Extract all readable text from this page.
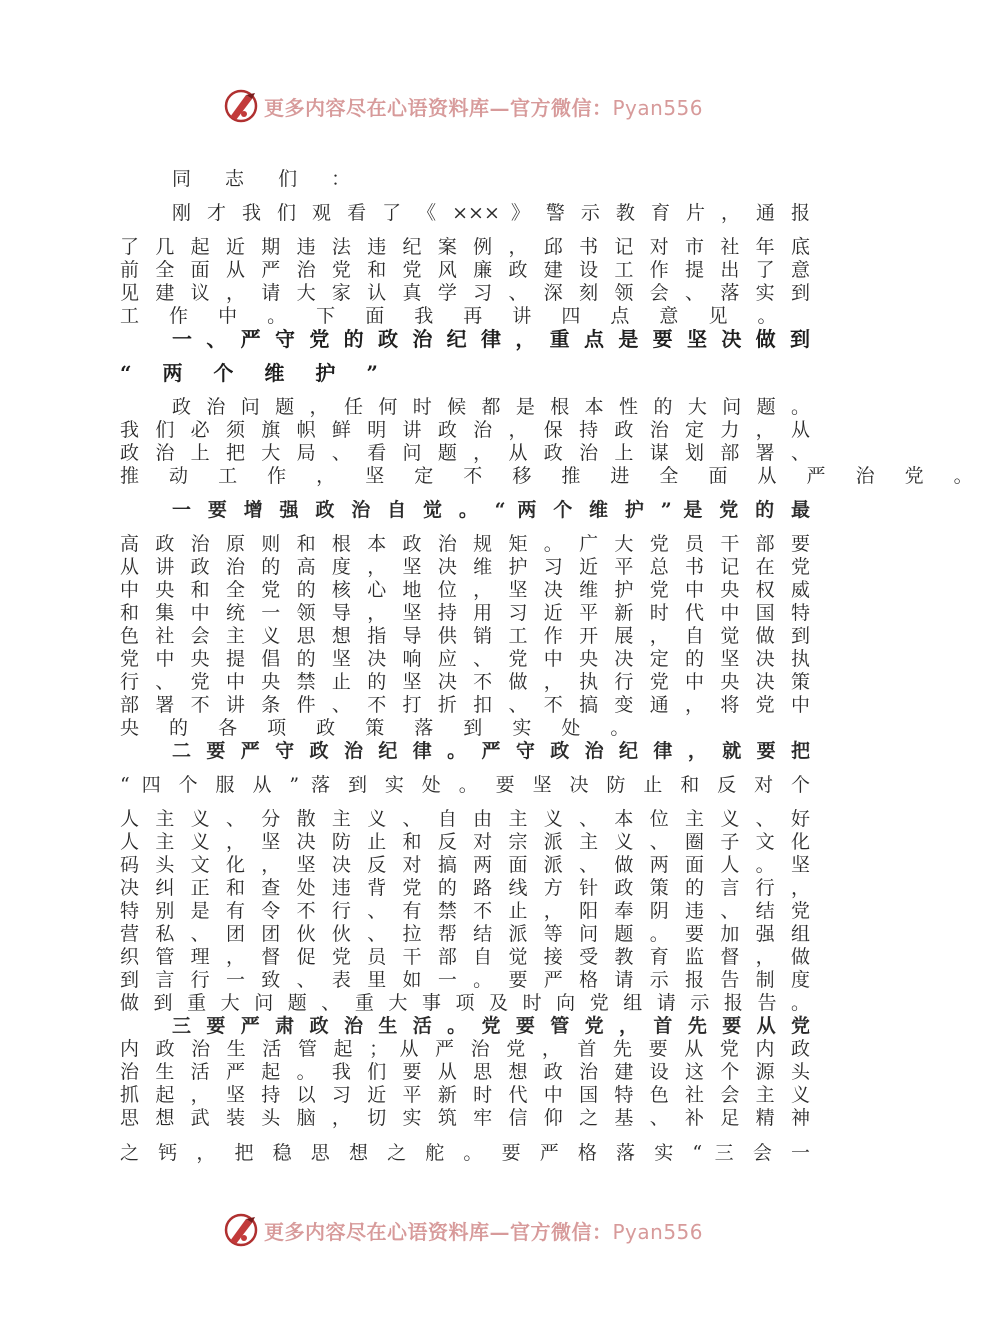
更多内容尽在心语资料库—官方微信：Pyan556
同 志 们 ：
刚 才 我 们 观 看 了 《 ××× 》 警 示 教 育 片 ， 通 报
了 几 起 近 期 违 法 违 纪 案 例 ， 邱 书 记 对 市 社 年 底
前 全 面 从 严 治 党 和 党 风 廉 政 建 设 工 作 提 出 了 意
见 建 议 ， 请 大 家 认 真 学 习 、 深 刻 领 会 、 落 实 到
工 作 中 。 下 面 我 再 讲 四 点 意 见 。
一 、 严 守 党 的 政 治 纪 律 ， 重 点 是 要 坚 决 做 到
“ 两 个 维 护 ”
政 治 问 题 ， 任 何 时 候 都 是 根 本 性 的 大 问 题 。
我 们 必 须 旗 帜 鲜 明 讲 政 治 ， 保 持 政 治 定 力 ， 从
政 治 上 把 大 局 、 看 问 题 ， 从 政 治 上 谋 划 部 署 、
推 动 工 作 ， 坚 定 不 移 推 进 全 面 从 严 治 党 。
一 要 增 强 政 治 自 觉 。 “ 两 个 维 护 ” 是 党 的 最
高 政 治 原 则 和 根 本 政 治 规 矩 。 广 大 党 员 干 部 要
从 讲 政 治 的 高 度 ， 坚 决 维 护 习 近 平 总 书 记 在 党
中 央 和 全 党 的 核 心 地 位 ， 坚 决 维 护 党 中 央 权 威
和 集 中 统 一 领 导 ， 坚 持 用 习 近 平 新 时 代 中 国 特
色 社 会 主 义 思 想 指 导 供 销 工 作 开 展 ， 自 觉 做 到
党 中 央 提 倡 的 坚 决 响 应 、 党 中 央 决 定 的 坚 决 执
行 、 党 中 央 禁 止 的 坚 决 不 做 ， 执 行 党 中 央 决 策
部 署 不 讲 条 件 、 不 打 折 扣 、 不 搞 变 通 ， 将 党 中
央 的 各 项 政 策 落 到 实 处 。
二 要 严 守 政 治 纪 律 。 严 守 政 治 纪 律 ， 就 要 把
“ 四 个 服 从 ” 落 到 实 处 。 要 坚 决 防 止 和 反 对 个
人 主 义 、 分 散 主 义 、 自 由 主 义 、 本 位 主 义 、 好
人 主 义 ， 坚 决 防 止 和 反 对 宗 派 主 义 、 圈 子 文 化
码 头 文 化 ， 坚 决 反 对 搞 两 面 派 、 做 两 面 人 。 坚
决 纠 正 和 查 处 违 背 党 的 路 线 方 针 政 策 的 言 行 ，
特 别 是 有 令 不 行 、 有 禁 不 止 ， 阳 奉 阴 违 、 结 党
营 私 、 团 团 伙 伙 、 拉 帮 结 派 等 问 题 。 要 加 强 组
织 管 理 ， 督 促 党 员 干 部 自 觉 接 受 教 育 监 督 ， 做
到 言 行 一 致 、 表 里 如 一 。 要 严 格 请 示 报 告 制 度
做 到 重 大 问 题 、 重 大 事 项 及 时 向 党 组 请 示 报 告 。
三 要 严 肃 政 治 生 活 。 党 要 管 党 ， 首 先 要 从 党
内 政 治 生 活 管 起 ； 从 严 治 党 ， 首 先 要 从 党 内 政
治 生 活 严 起 。 我 们 要 从 思 想 政 治 建 设 这 个 源 头
抓 起 ， 坚 持 以 习 近 平 新 时 代 中 国 特 色 社 会 主 义
思 想 武 装 头 脑 ， 切 实 筑 牢 信 仰 之 基 、 补 足 精 神
之 钙 ， 把 稳 思 想 之 舵 。 要 严 格 落 实 “ 三 会 一
更多内容尽在心语资料库—官方微信：Pyan556
